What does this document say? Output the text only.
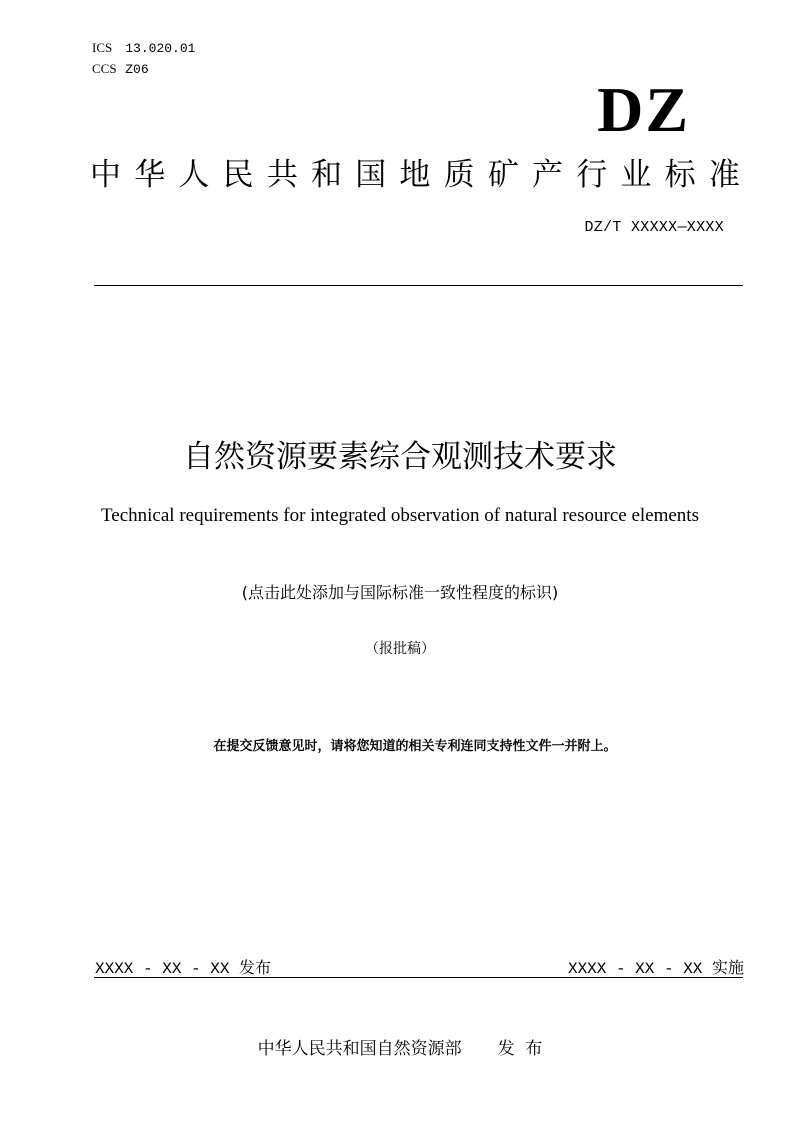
ICS 13.020.01
CCS Z06
DZ
中 华 人 民 共 和 国 地 质 矿 产 行 业 标 准
DZ/T XXXXX—XXXX
自然资源要素综合观测技术要求
Technical requirements for integrated observation of natural resource elements
(点击此处添加与国际标准一致性程度的标识)
（报批稿）
在提交反馈意见时，请将您知道的相关专利连同支持性文件一并附上。
XXXX - XX - XX 发布	XXXX - XX - XX 实施
中华人民共和国自然资源部 发  布
